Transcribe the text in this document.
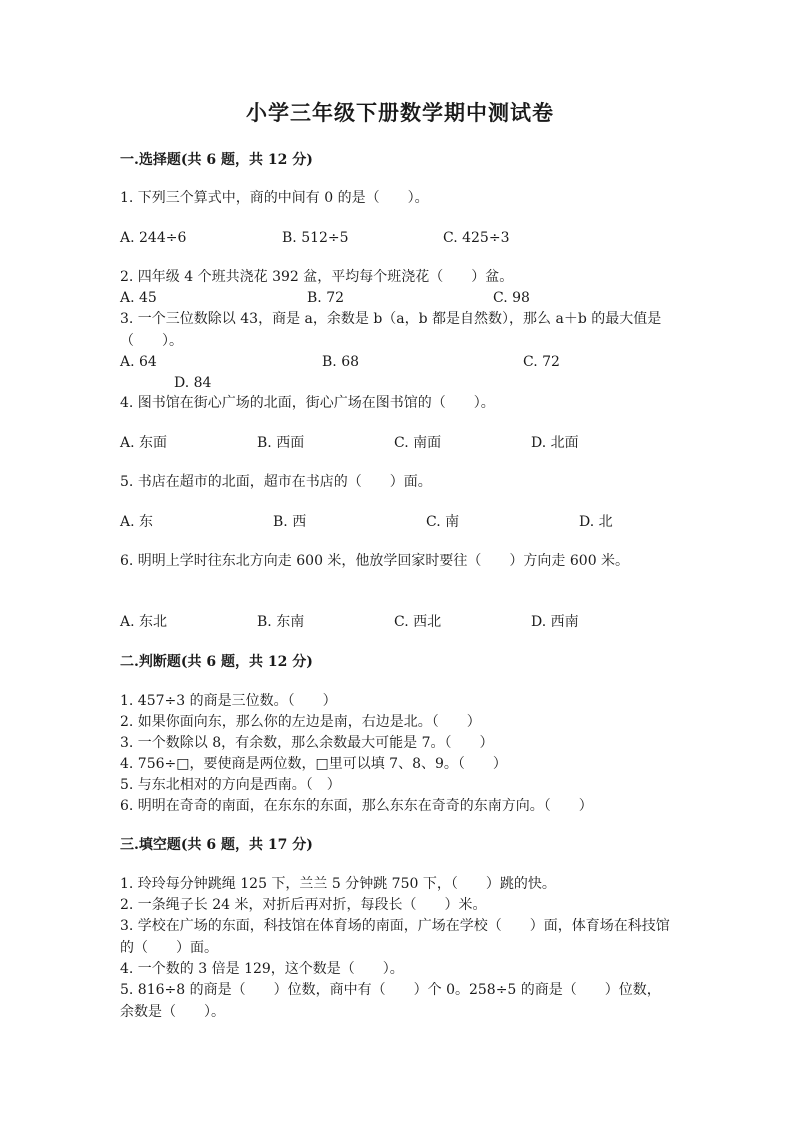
小学三年级下册数学期中测试卷
一.选择题(共 6 题，共 12 分)
1. 下列三个算式中，商的中间有 0 的是（　　）。
A. 244÷6	B. 512÷5	C. 425÷3
2. 四年级 4 个班共浇花 392 盆，平均每个班浇花（　　）盆。
A. 45	B. 72	C. 98
3. 一个三位数除以 43，商是 a，余数是 b（a，b 都是自然数），那么 a＋b 的最大值是（　　）。
A. 64	B. 68	C. 72
D. 84
4. 图书馆在街心广场的北面，街心广场在图书馆的（　　）。
A. 东面	B. 西面	C. 南面	D. 北面
5. 书店在超市的北面，超市在书店的（　　）面。
A. 东	B. 西	C. 南	D. 北
6. 明明上学时往东北方向走 600 米，他放学回家时要往（　　）方向走 600 米。
A. 东北	B. 东南	C. 西北	D. 西南
二.判断题(共 6 题，共 12 分)
1. 457÷3 的商是三位数。（　　）
2. 如果你面向东，那么你的左边是南，右边是北。（　　）
3. 一个数除以 8，有余数，那么余数最大可能是 7。（　　）
4. 756÷□，要使商是两位数，□里可以填 7、8、9。（　　）
5. 与东北相对的方向是西南。（　）
6. 明明在奇奇的南面，在东东的东面，那么东东在奇奇的东南方向。（　　）
三.填空题(共 6 题，共 17 分)
1. 玲玲每分钟跳绳 125 下，兰兰 5 分钟跳 750 下，（　　）跳的快。
2. 一条绳子长 24 米，对折后再对折，每段长（　　）米。
3. 学校在广场的东面，科技馆在体育场的南面，广场在学校（　　）面，体育场在科技馆的（　　）面。
4. 一个数的 3 倍是 129，这个数是（　　）。
5. 816÷8 的商是（　　）位数，商中有（　　）个 0。258÷5 的商是（　　）位数，余数是（　　）。
